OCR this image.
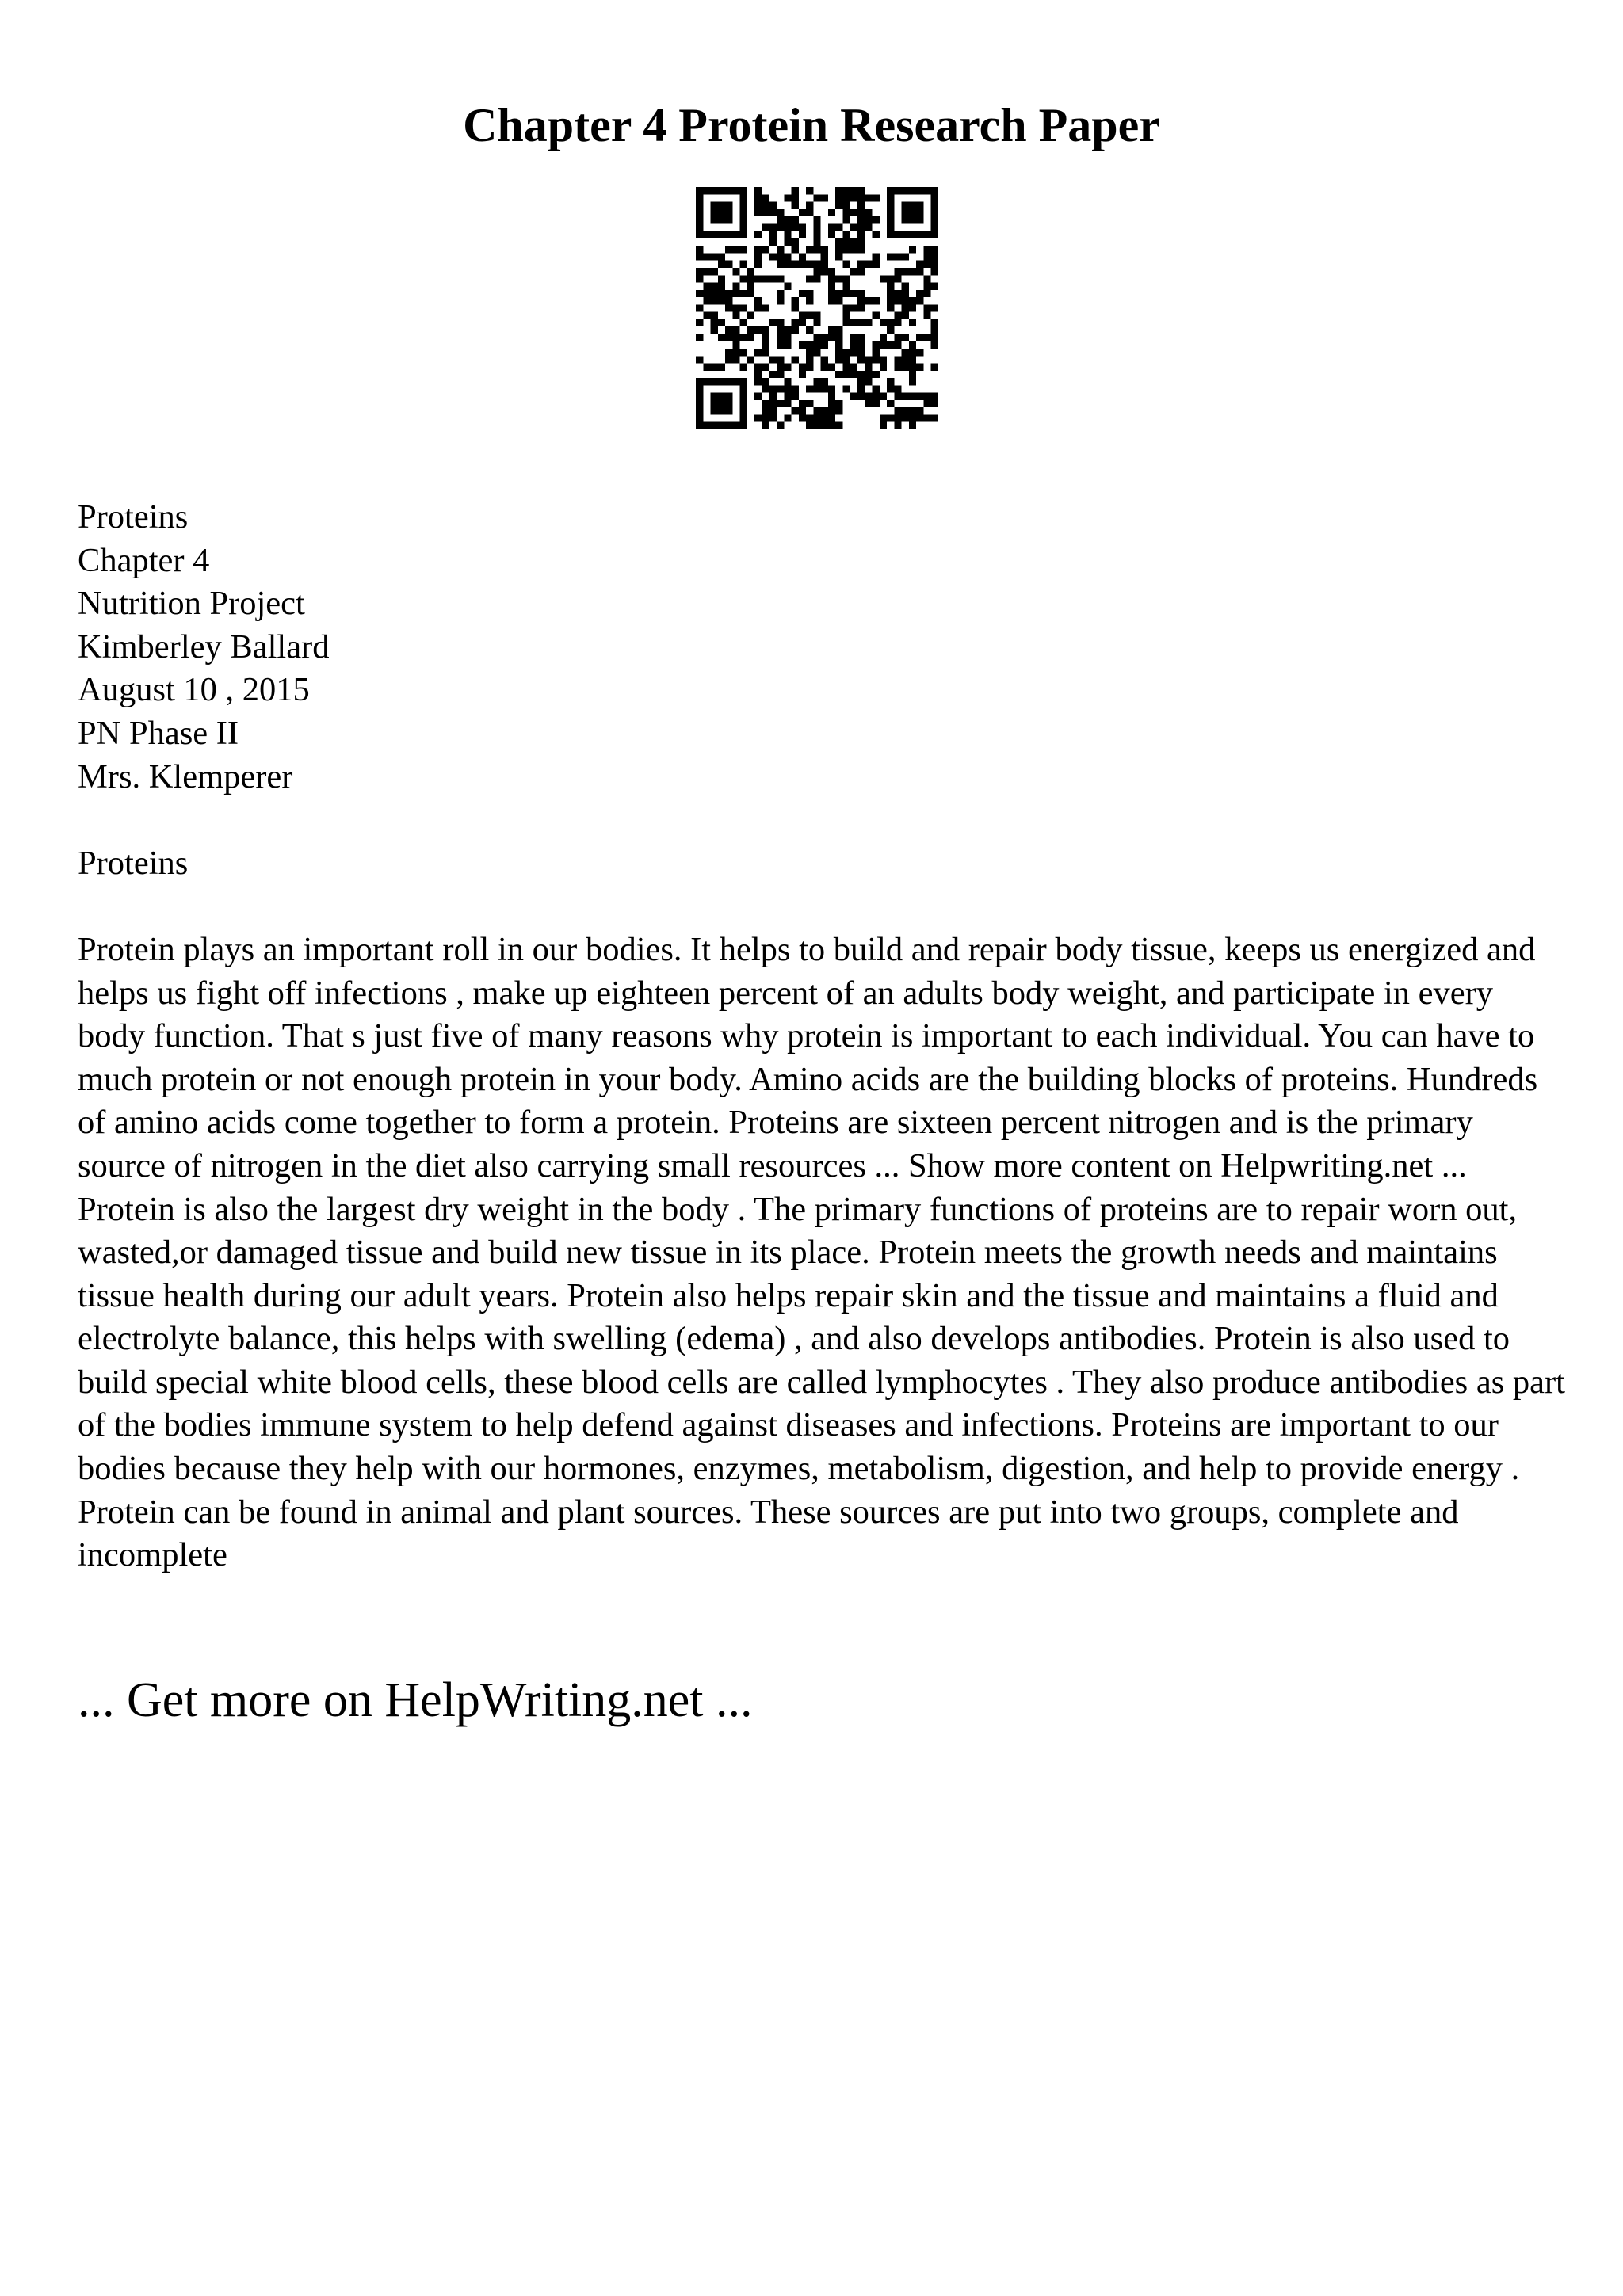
Chapter 4 Protein Research Paper
Proteins
Chapter 4
Nutrition Project
Kimberley Ballard
August 10 , 2015
PN Phase II
Mrs. Klemperer
Proteins

Protein plays an important roll in our bodies. It helps to build and repair body tissue, keeps us energized and helps us fight off infections , make up eighteen percent of an adults body weight, and participate in every body function. That s just five of many reasons why protein is important to each individual. You can have to much protein or not enough protein in your body. Amino acids are the building blocks of proteins. Hundreds of amino acids come together to form a protein. Proteins are sixteen percent nitrogen and is the primary source of nitrogen in the diet also carrying small resources ... Show more content on Helpwriting.net ...

Protein is also the largest dry weight in the body . The primary functions of proteins are to repair worn out, wasted,or damaged tissue and build new tissue in its place. Protein meets the growth needs and maintains tissue health during our adult years. Protein also helps repair skin and the tissue and maintains a fluid and electrolyte balance, this helps with swelling (edema) , and also develops antibodies. Protein is also used to build special white blood cells, these blood cells are called lymphocytes . They also produce antibodies as part of the bodies immune system to help defend against diseases and infections. Proteins are important to our bodies because they help with our hormones, enzymes, metabolism, digestion, and help to provide energy . Protein can be found in animal and plant sources. These sources are put into two groups, complete and incomplete

... Get more on HelpWriting.net ...
